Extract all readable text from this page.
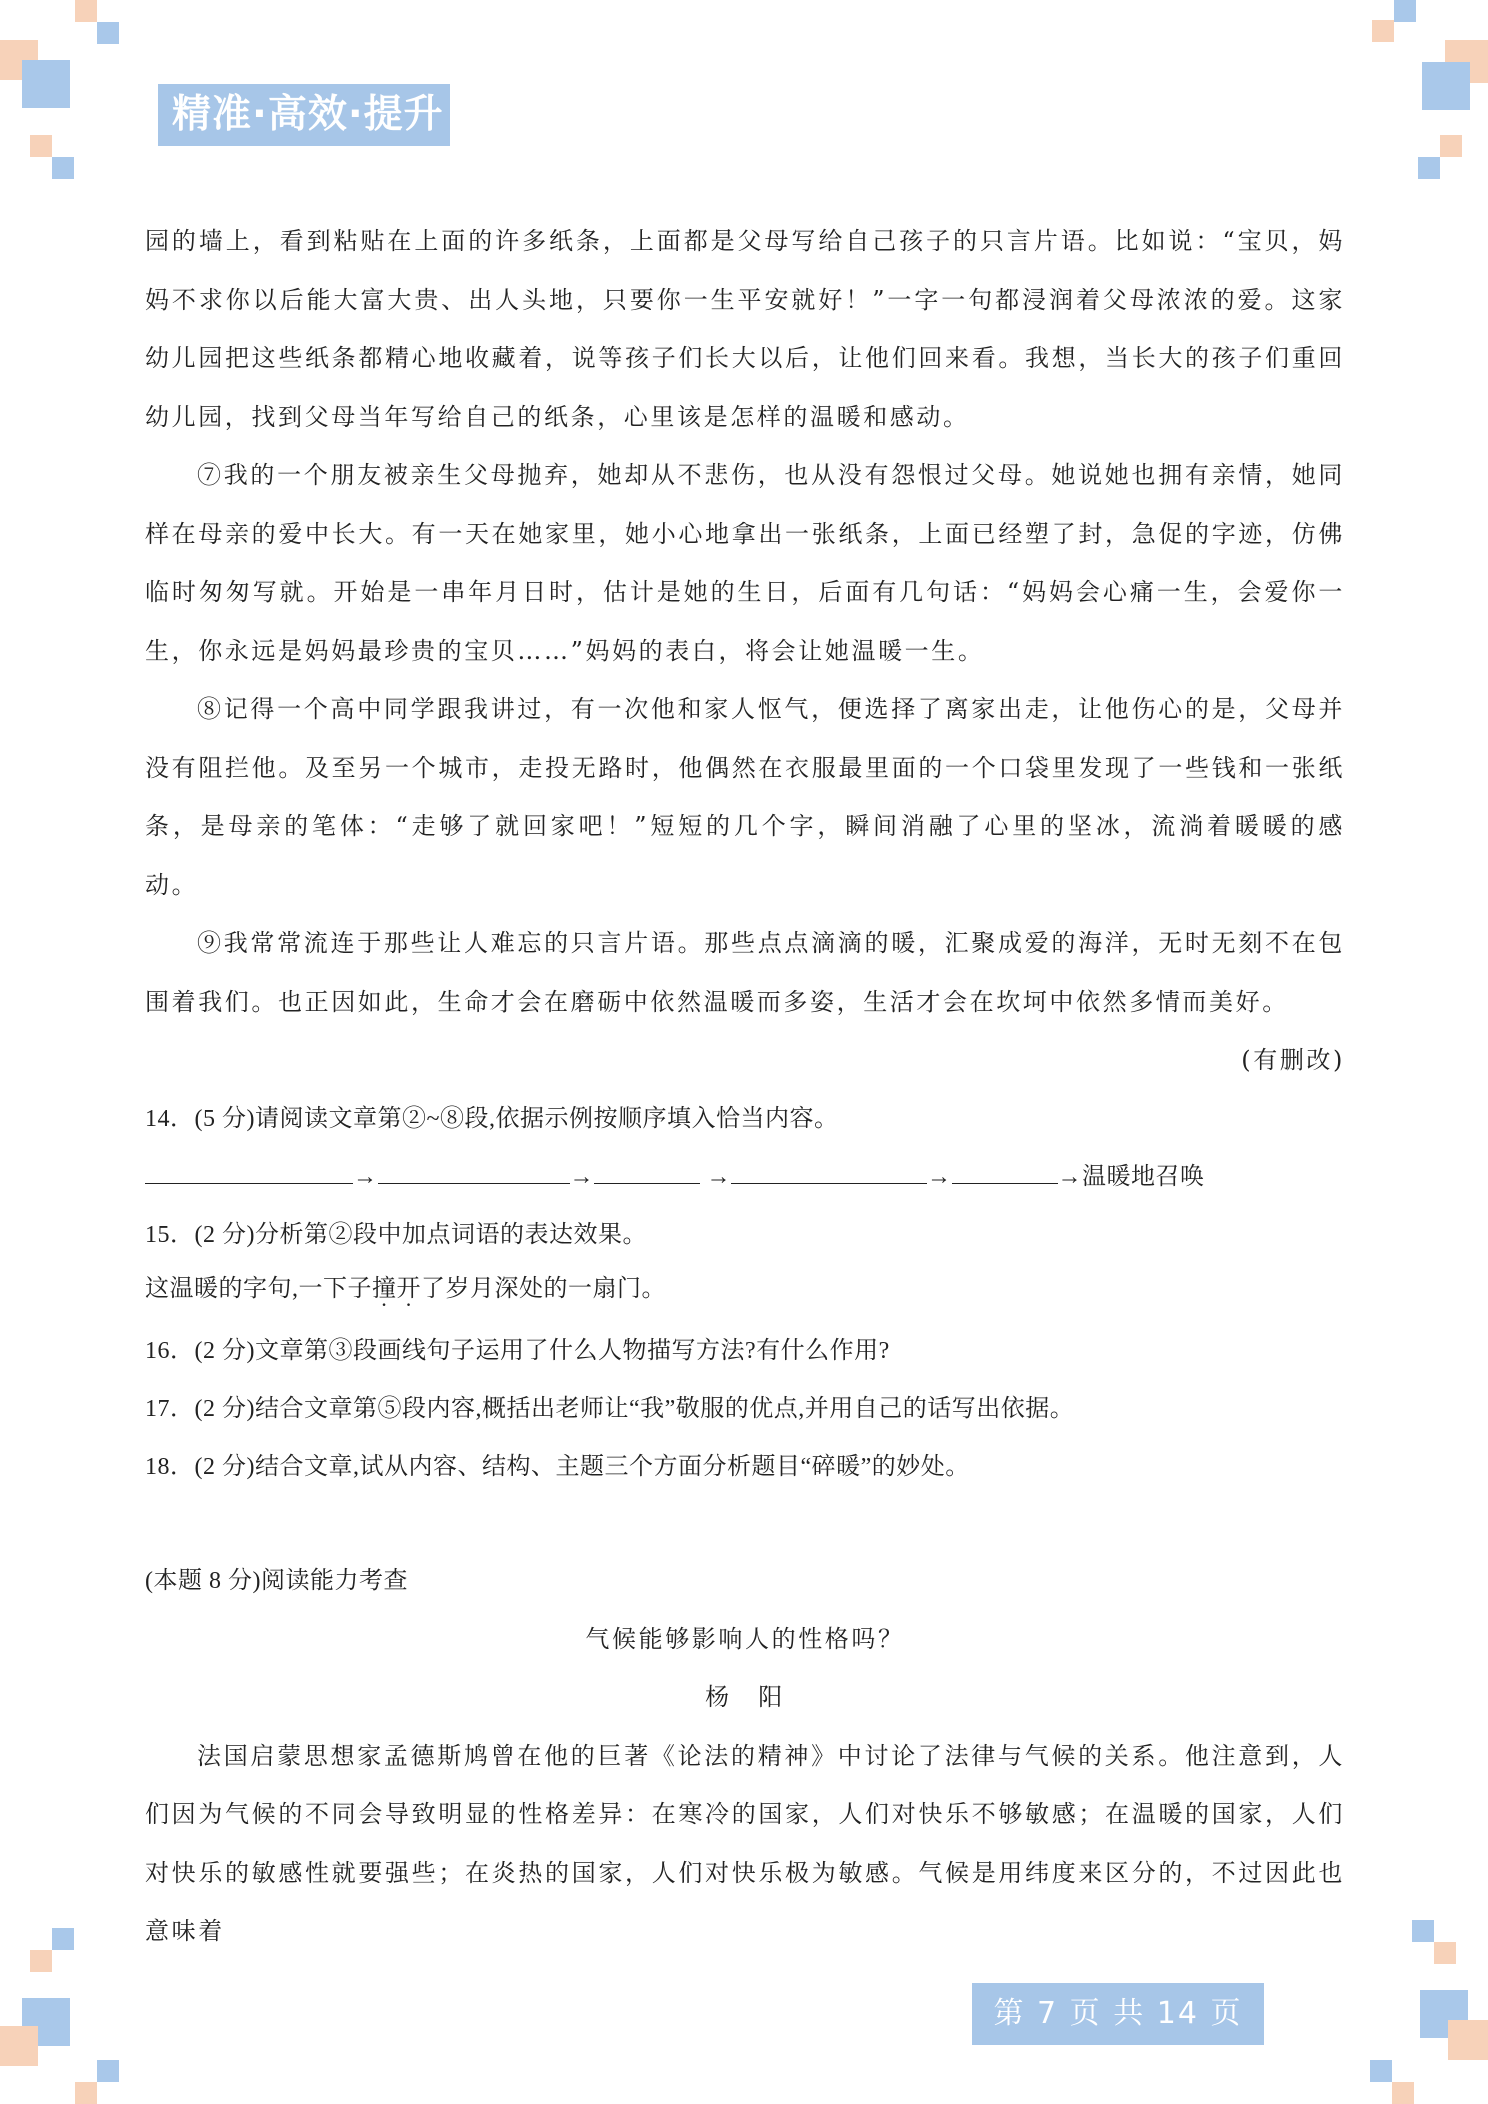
精准·高效·提升

园的墙上，看到粘贴在上面的许多纸条，上面都是父母写给自己孩子的只言片语。比如说：“宝贝，妈妈不求你以后能大富大贵、出人头地，只要你一生平安就好！”一字一句都浸润着父母浓浓的爱。这家幼儿园把这些纸条都精心地收藏着，说等孩子们长大以后，让他们回来看。我想，当长大的孩子们重回幼儿园，找到父母当年写给自己的纸条，心里该是怎样的温暖和感动。

⑦我的一个朋友被亲生父母抛弃，她却从不悲伤，也从没有怨恨过父母。她说她也拥有亲情，她同样在母亲的爱中长大。有一天在她家里，她小心地拿出一张纸条，上面已经塑了封，急促的字迹，仿佛临时匆匆写就。开始是一串年月日时，估计是她的生日，后面有几句话：“妈妈会心痛一生，会爱你一生，你永远是妈妈最珍贵的宝贝……”妈妈的表白，将会让她温暖一生。

⑧记得一个高中同学跟我讲过，有一次他和家人怄气，便选择了离家出走，让他伤心的是，父母并没有阻拦他。及至另一个城市，走投无路时，他偶然在衣服最里面的一个口袋里发现了一些钱和一张纸条，是母亲的笔体：“走够了就回家吧！”短短的几个字，瞬间消融了心里的坚冰，流淌着暖暖的感动。

⑨我常常流连于那些让人难忘的只言片语。那些点点滴滴的暖，汇聚成爱的海洋，无时无刻不在包围着我们。也正因如此，生命才会在磨砺中依然温暖而多姿，生活才会在坎坷中依然多情而美好。

(有删改)

14．(5 分)请阅读文章第②~⑧段,依据示例按顺序填入恰当内容。

→	→	→	→	→温暖地召唤

15．(2 分)分析第②段中加点词语的表达效果。

这温暖的字句,一下子撞开了岁月深处的一扇门。

16．(2 分)文章第③段画线句子运用了什么人物描写方法?有什么作用?

17．(2 分)结合文章第⑤段内容,概括出老师让“我”敬服的优点,并用自己的话写出依据。

18．(2 分)结合文章,试从内容、结构、主题三个方面分析题目“碎暖”的妙处。

(本题 8 分)阅读能力考查

气候能够影响人的性格吗？

杨　阳

法国启蒙思想家孟德斯鸠曾在他的巨著《论法的精神》中讨论了法律与气候的关系。他注意到，人们因为气候的不同会导致明显的性格差异：在寒冷的国家，人们对快乐不够敏感；在温暖的国家，人们对快乐的敏感性就要强些；在炎热的国家，人们对快乐极为敏感。气候是用纬度来区分的，不过因此也意味着

第 7 页 共 14 页
